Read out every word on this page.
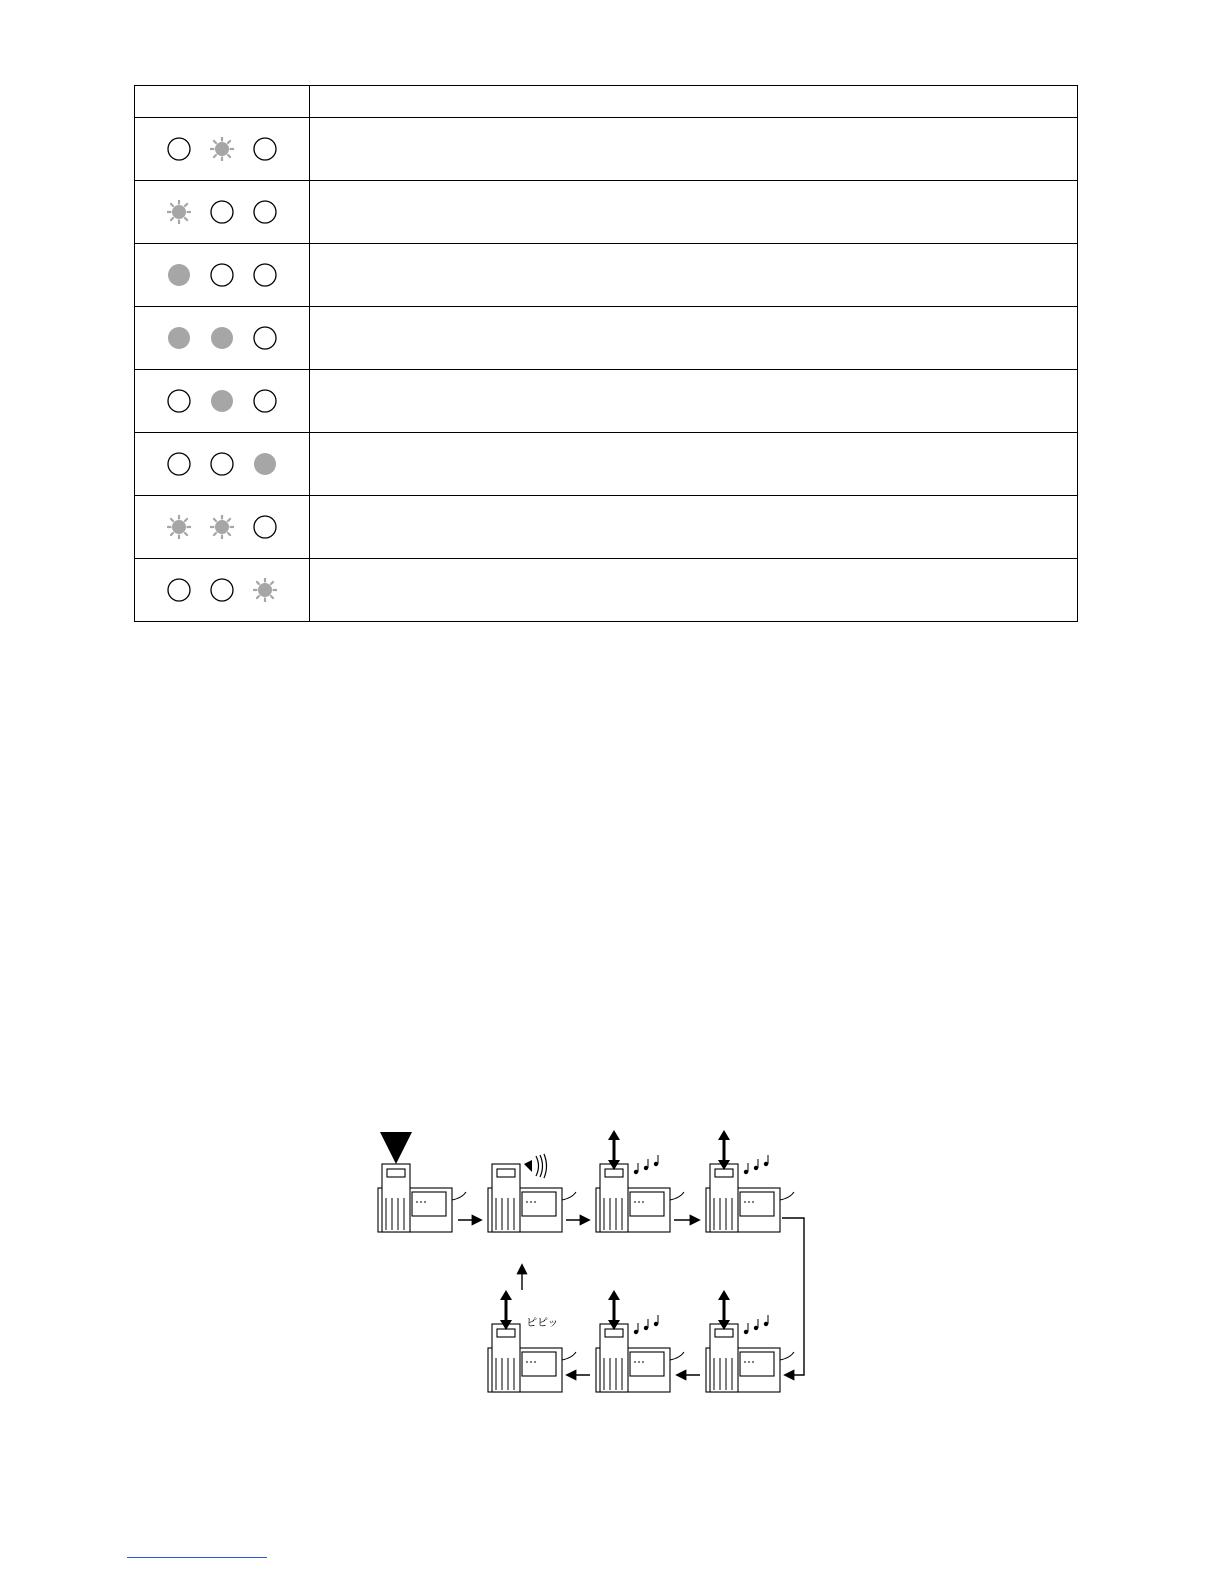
ピピッ
